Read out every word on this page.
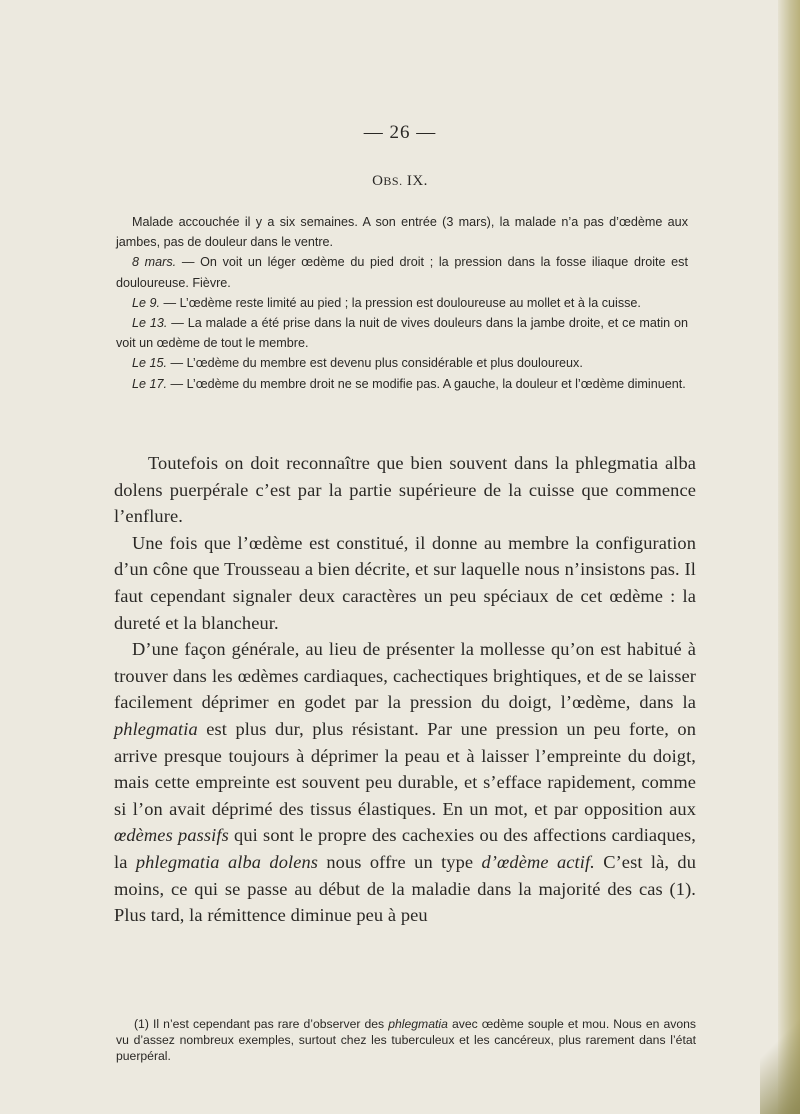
— 26 —
OBS. IX.

Malade accouchée il y a six semaines. A son entrée (3 mars), la malade n’a pas d’œdème aux jambes, pas de douleur dans le ventre.

8 mars. — On voit un léger œdème du pied droit ; la pression dans la fosse iliaque droite est douloureuse. Fièvre.

Le 9. — L’œdème reste limité au pied ; la pression est douloureuse au mollet et à la cuisse.

Le 13. — La malade a été prise dans la nuit de vives douleurs dans la jambe droite, et ce matin on voit un œdème de tout le membre.

Le 15. — L’œdème du membre est devenu plus considérable et plus douloureux.

Le 17. — L’œdème du membre droit ne se modifie pas. A gauche, la douleur et l’œdème diminuent.

Toutefois on doit reconnaître que bien souvent dans la phlegmatia alba dolens puerpérale c’est par la partie supérieure de la cuisse que commence l’enflure.

Une fois que l’œdème est constitué, il donne au membre la configuration d’un cône que Trousseau a bien décrite, et sur laquelle nous n’insistons pas. Il faut cependant signaler deux caractères un peu spéciaux de cet œdème : la dureté et la blancheur.

D’une façon générale, au lieu de présenter la mollesse qu’on est habitué à trouver dans les œdèmes cardiaques, cachectiques brightiques, et de se laisser facilement déprimer en godet par la pression du doigt, l’œdème, dans la phlegmatia est plus dur, plus résistant. Par une pression un peu forte, on arrive presque toujours à déprimer la peau et à laisser l’empreinte du doigt, mais cette empreinte est souvent peu durable, et s’efface rapidement, comme si l’on avait déprimé des tissus élastiques. En un mot, et par opposition aux œdèmes passifs qui sont le propre des cachexies ou des affections cardiaques, la phlegmatia alba dolens nous offre un type d’œdème actif. C’est là, du moins, ce qui se passe au début de la maladie dans la majorité des cas (1). Plus tard, la rémittence diminue peu à peu

(1) Il n’est cependant pas rare d’observer des phlegmatia avec œdème souple et mou. Nous en avons vu d’assez nombreux exemples, surtout chez les tuberculeux et les cancéreux, plus rarement dans l’état puerpéral.
